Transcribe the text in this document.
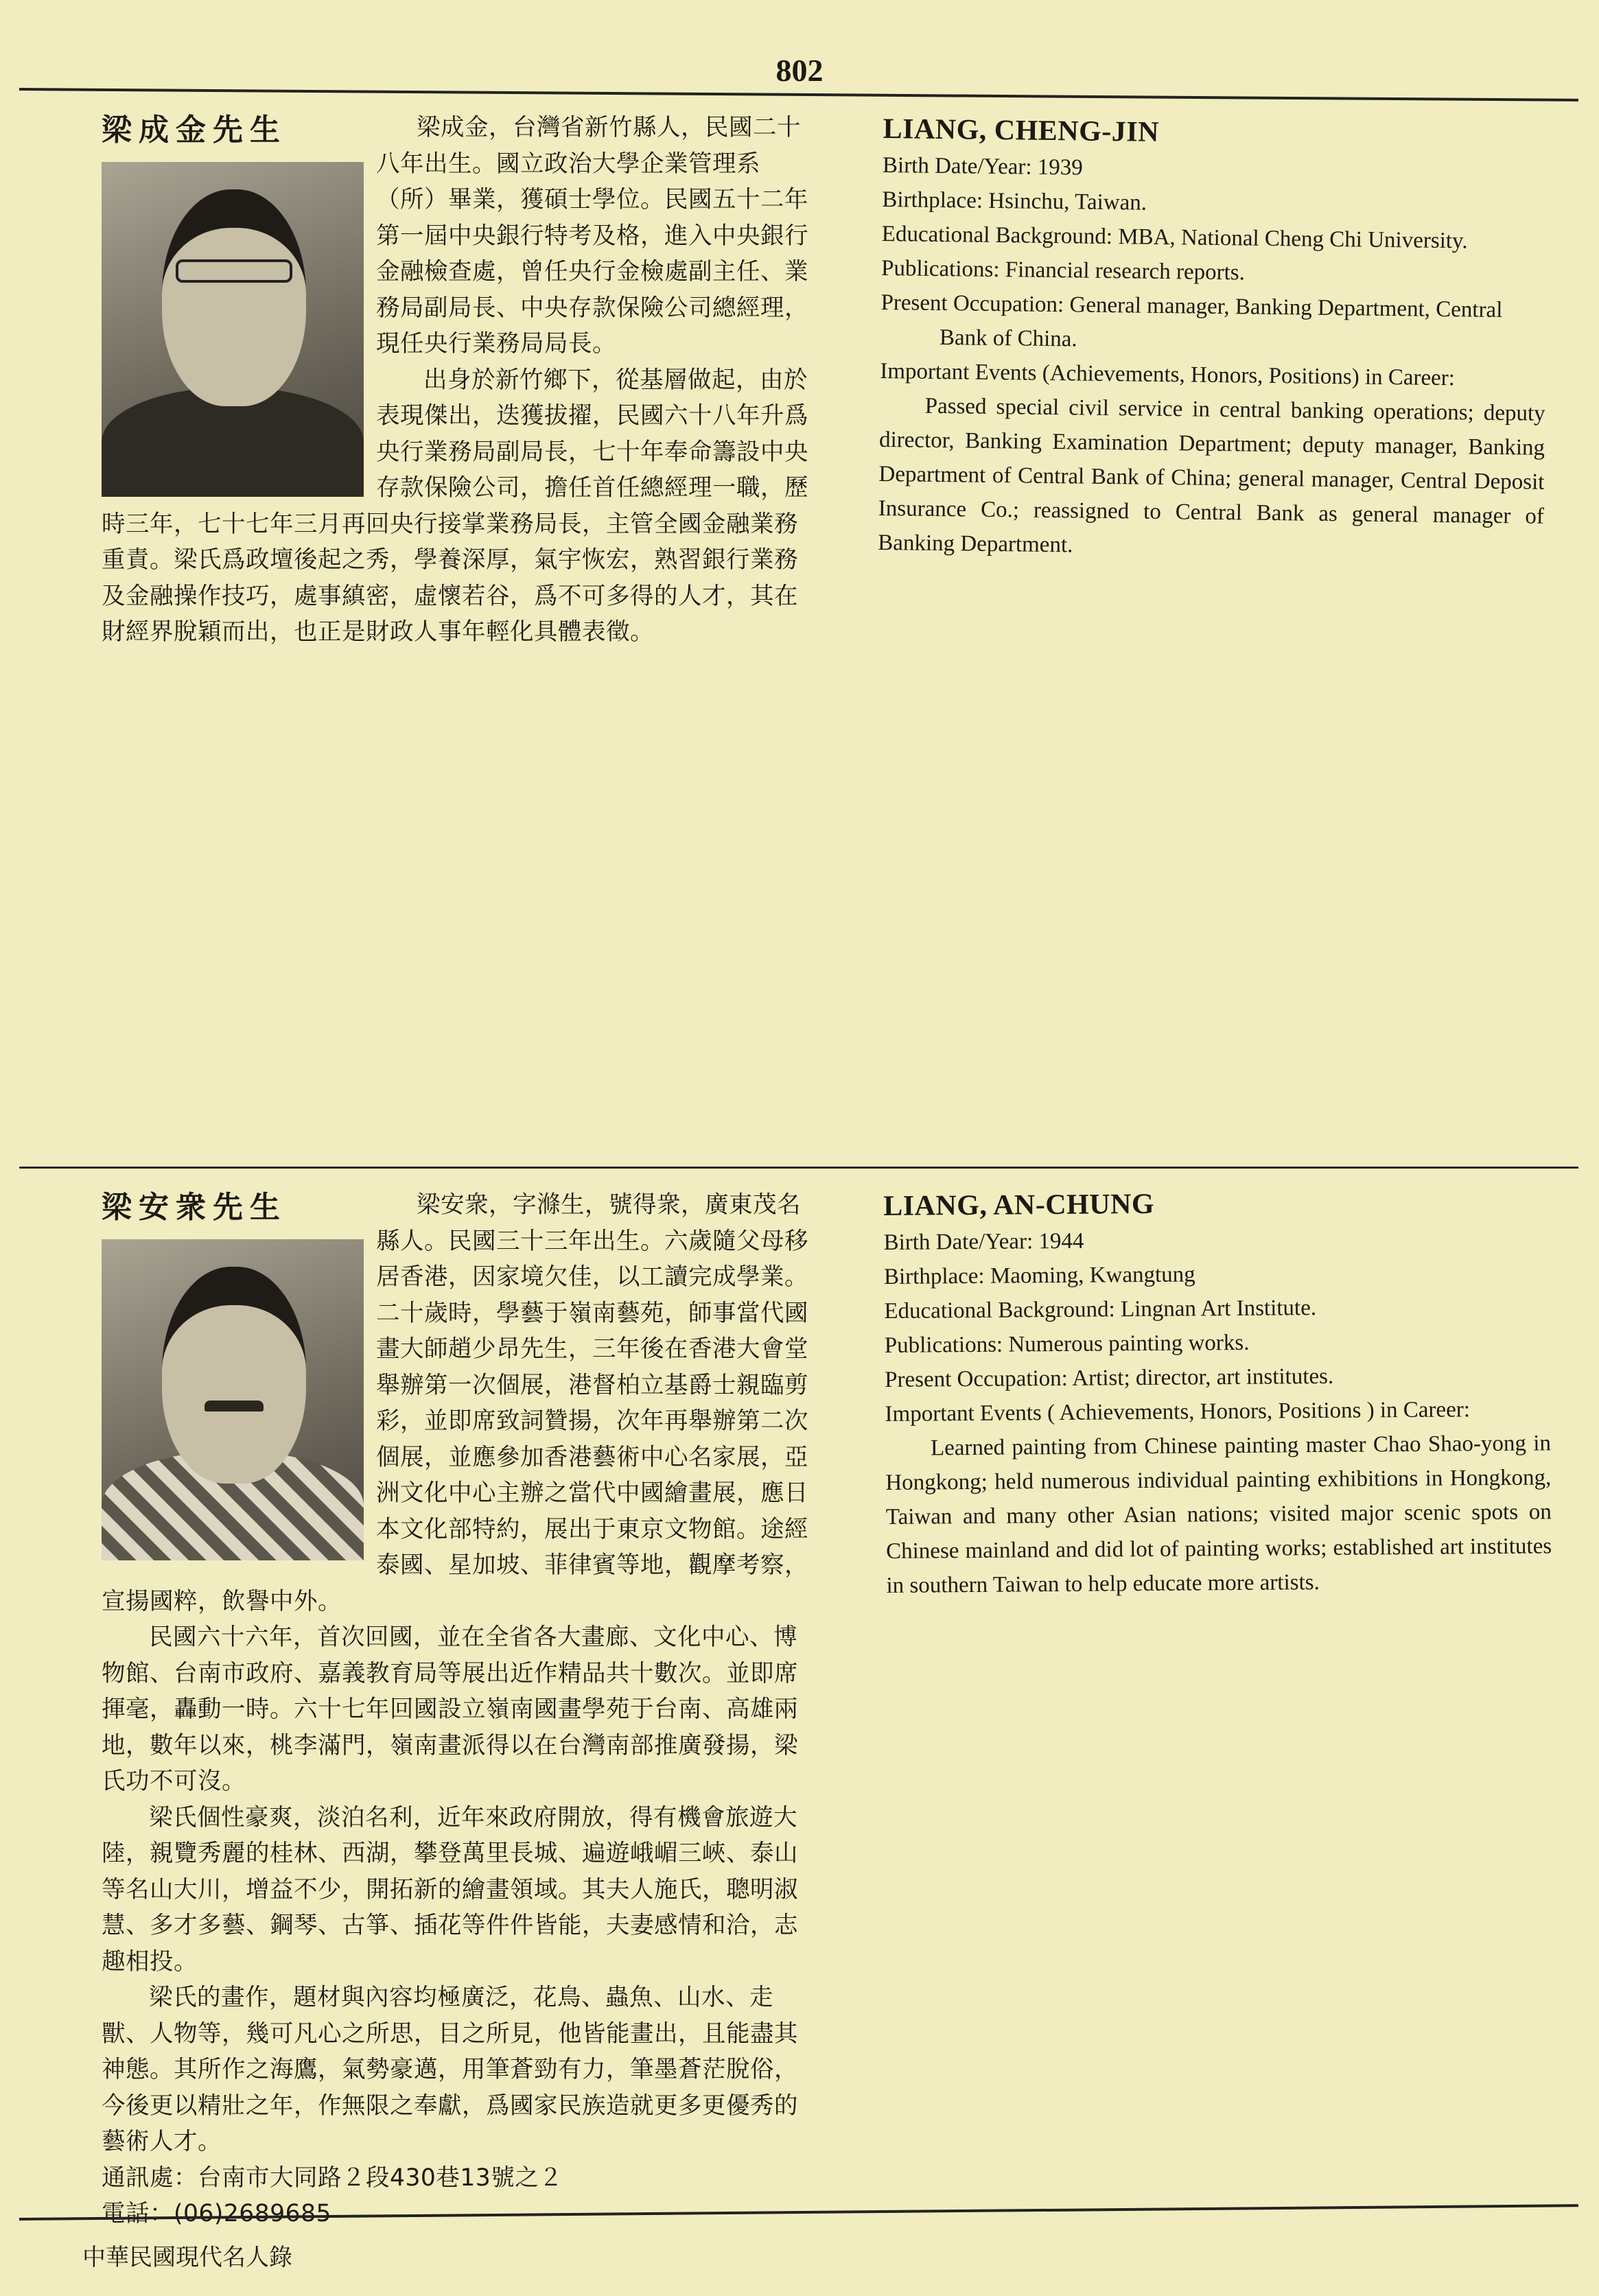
802
梁成金先生	梁成金，台灣省新竹縣人，民國二十八年出生。國立政治大學企業管理系（所）畢業，獲碩士學位。民國五十二年第一屆中央銀行特考及格，進入中央銀行金融檢查處，曾任央行金檢處副主任、業務局副局長、中央存款保險公司總經理，現任央行業務局局長。

出身於新竹鄉下，從基層做起，由於表現傑出，迭獲拔擢，民國六十八年升爲央行業務局副局長，七十年奉命籌設中央存款保險公司，擔任首任總經理一職，歷時三年，七十七年三月再回央行接掌業務局長，主管全國金融業務重責。梁氏爲政壇後起之秀，學養深厚，氣宇恢宏，熟習銀行業務及金融操作技巧，處事縝密，虛懷若谷，爲不可多得的人才，其在財經界脫穎而出，也正是財政人事年輕化具體表徵。

LIANG, CHENG-JIN

Birth Date/Year: 1939

Birthplace: Hsinchu, Taiwan.

Educational Background: MBA, National Cheng Chi University.

Publications: Financial research reports.

Present Occupation: General manager, Banking Department, Central Bank of China.

Important Events (Achievements, Honors, Positions) in Career:

Passed special civil service in central banking operations; deputy director, Banking Examination Department; deputy manager, Banking Department of Central Bank of China; general manager, Central Deposit Insurance Co.; reassigned to Central Bank as general manager of Banking Department.

梁安衆先生	梁安衆，字滌生，號得衆，廣東茂名縣人。民國三十三年出生。六歲隨父母移居香港，因家境欠佳，以工讀完成學業。二十歲時，學藝于嶺南藝苑，師事當代國畫大師趙少昂先生，三年後在香港大會堂舉辦第一次個展，港督柏立基爵士親臨剪彩，並即席致詞贊揚，次年再舉辦第二次個展，並應參加香港藝術中心名家展，亞洲文化中心主辦之當代中國繪畫展，應日本文化部特約，展出于東京文物館。途經泰國、星加坡、菲律賓等地，觀摩考察，宣揚國粹，飲譽中外。

民國六十六年，首次回國，並在全省各大畫廊、文化中心、博物館、台南市政府、嘉義教育局等展出近作精品共十數次。並即席揮毫，轟動一時。六十七年回國設立嶺南國畫學苑于台南、高雄兩地，數年以來，桃李滿門，嶺南畫派得以在台灣南部推廣發揚，梁氏功不可沒。

梁氏個性豪爽，淡泊名利，近年來政府開放，得有機會旅遊大陸，親覽秀麗的桂林、西湖，攀登萬里長城、遍遊峨嵋三峽、泰山等名山大川，增益不少，開拓新的繪畫領域。其夫人施氏，聰明淑慧、多才多藝、鋼琴、古箏、插花等件件皆能，夫妻感情和洽，志趣相投。

梁氏的畫作，題材與內容均極廣泛，花鳥、蟲魚、山水、走獸、人物等，幾可凡心之所思，目之所見，他皆能畫出，且能盡其神態。其所作之海鷹，氣勢豪邁，用筆蒼勁有力，筆墨蒼茫脫俗，今後更以精壯之年，作無限之奉獻，爲國家民族造就更多更優秀的藝術人才。

通訊處：台南市大同路２段430巷13號之２

電話：(06)2689685

LIANG, AN-CHUNG

Birth Date/Year: 1944

Birthplace: Maoming, Kwangtung

Educational Background: Lingnan Art Institute.

Publications: Numerous painting works.

Present Occupation: Artist; director, art institutes.

Important Events ( Achievements, Honors, Positions ) in Career:

Learned painting from Chinese painting master Chao Shao-yong in Hongkong; held numerous individual painting exhibitions in Hongkong, Taiwan and many other Asian nations; visited major scenic spots on Chinese mainland and did lot of painting works; established art institutes in southern Taiwan to help educate more artists.

中華民國現代名人錄
